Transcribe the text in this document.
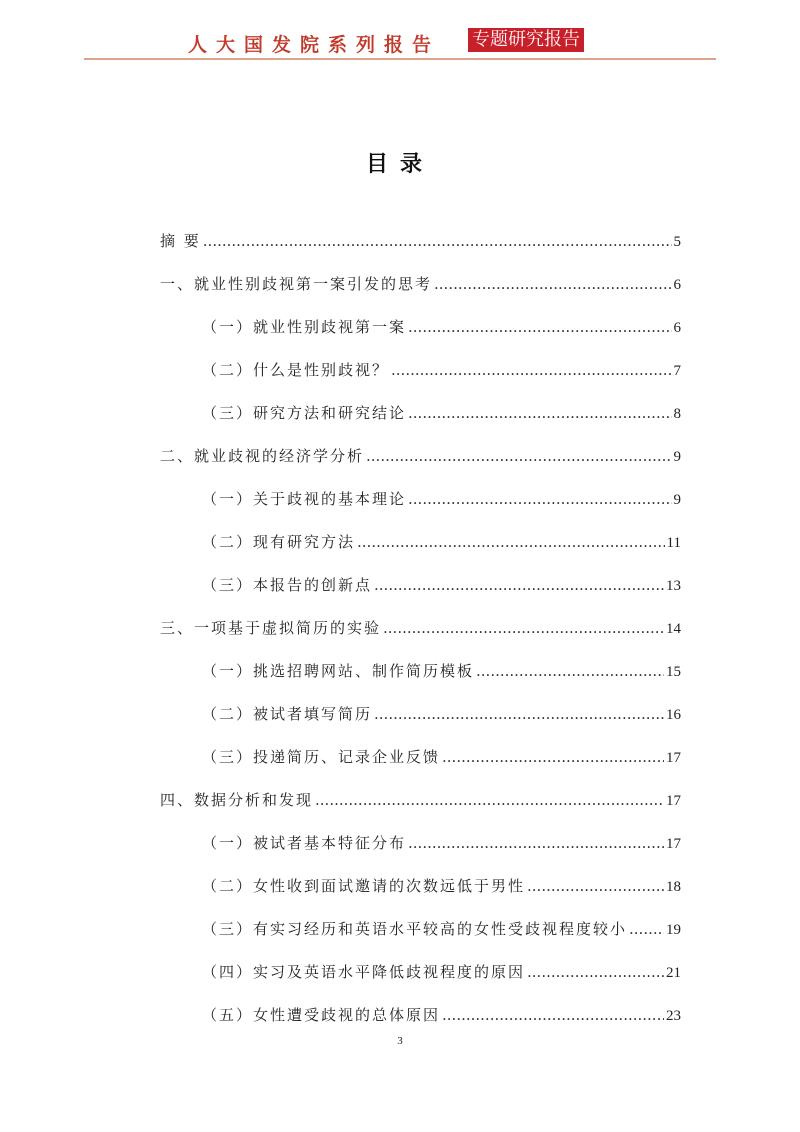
人大国发院系列报告 专题研究报告
目录
摘 要 .....	5
一、就业性别歧视第一案引发的思考 .....	6
（一）就业性别歧视第一案 .....	6
（二）什么是性别歧视？ .....	7
（三）研究方法和研究结论 .....	8
二、就业歧视的经济学分析 .....	9
（一）关于歧视的基本理论 .....	9
（二）现有研究方法 .....	11
（三）本报告的创新点 .....	13
三、一项基于虚拟简历的实验 .....	14
（一）挑选招聘网站、制作简历模板 .....	15
（二）被试者填写简历 .....	16
（三）投递简历、记录企业反馈 .....	17
四、数据分析和发现 .....	17
（一）被试者基本特征分布 .....	17
（二）女性收到面试邀请的次数远低于男性 .....	18
（三）有实习经历和英语水平较高的女性受歧视程度较小 .....	19
（四）实习及英语水平降低歧视程度的原因 .....	21
（五）女性遭受歧视的总体原因 .....	23
3
